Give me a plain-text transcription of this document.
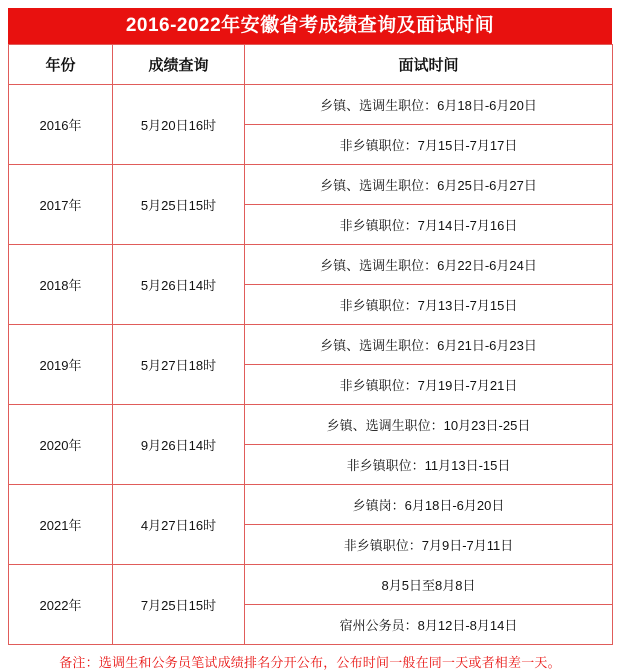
2016-2022年安徽省考成绩查询及面试时间
年份	成绩查询	面试时间
2016年	5月20日16时	乡镇、选调生职位：6月18日-6月20日
		非乡镇职位：7月15日-7月17日
2017年	5月25日15时	乡镇、选调生职位：6月25日-6月27日
		非乡镇职位：7月14日-7月16日
2018年	5月26日14时	乡镇、选调生职位：6月22日-6月24日
		非乡镇职位：7月13日-7月15日
2019年	5月27日18时	乡镇、选调生职位：6月21日-6月23日
		非乡镇职位：7月19日-7月21日
2020年	9月26日14时	乡镇、选调生职位：10月23日-25日
		非乡镇职位：11月13日-15日
2021年	4月27日16时	乡镇岗：6月18日-6月20日
		非乡镇职位：7月9日-7月11日
2022年	7月25日15时	8月5日至8月8日
		宿州公务员：8月12日-8月14日
备注：选调生和公务员笔试成绩排名分开公布，公布时间一般在同一天或者相差一天。
